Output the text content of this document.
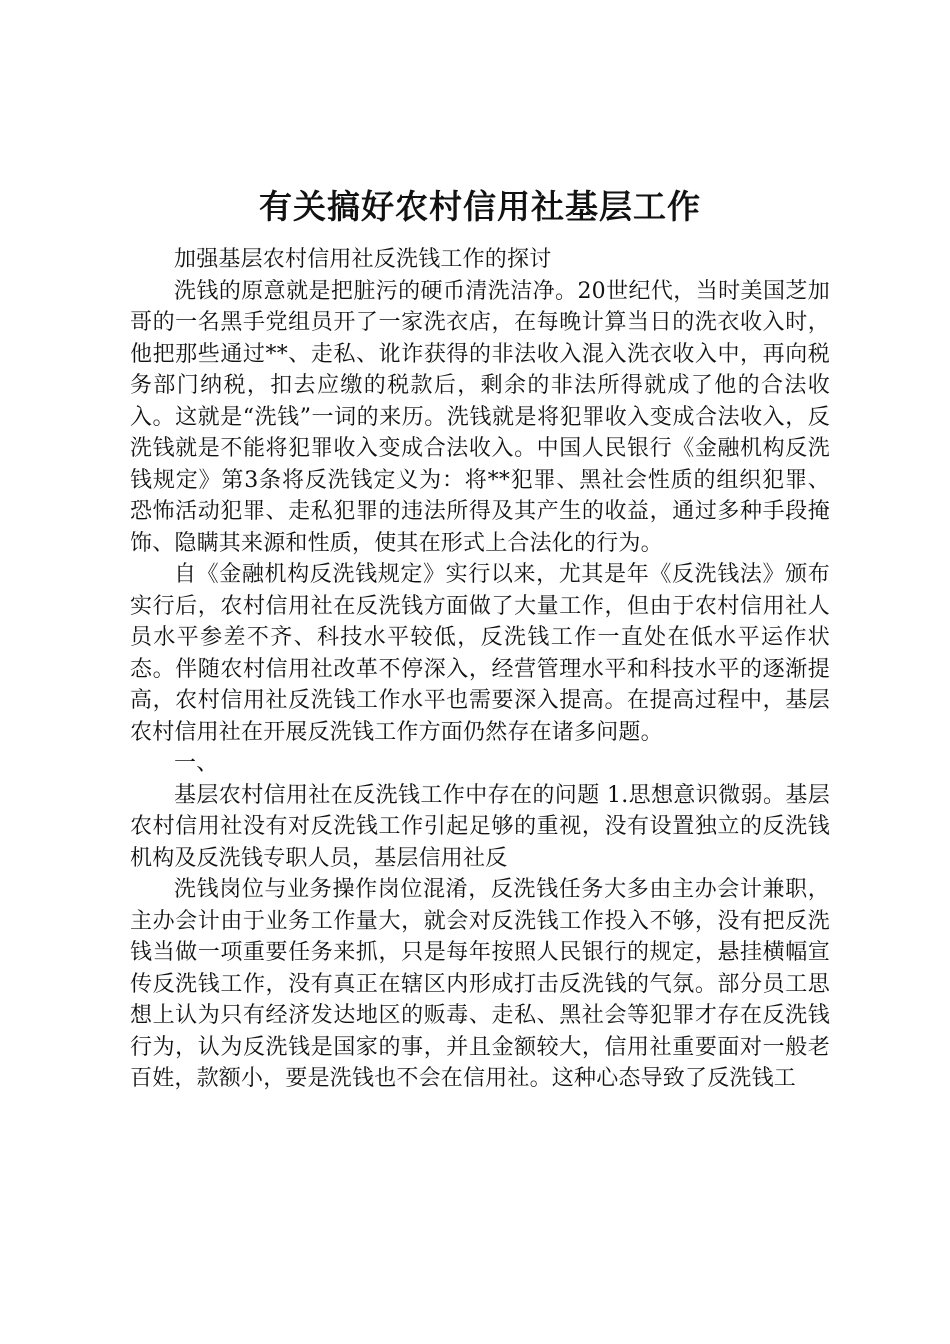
有关搞好农村信用社基层工作

加强基层农村信用社反洗钱工作的探讨

洗钱的原意就是把脏污的硬币清洗洁净。20世纪代，当时美国芝加哥的一名黑手党组员开了一家洗衣店，在每晚计算当日的洗衣收入时，他把那些通过**、走私、讹诈获得的非法收入混入洗衣收入中，再向税务部门纳税，扣去应缴的税款后，剩余的非法所得就成了他的合法收入。这就是“洗钱”一词的来历。洗钱就是将犯罪收入变成合法收入，反洗钱就是不能将犯罪收入变成合法收入。中国人民银行《金融机构反洗钱规定》第3条将反洗钱定义为：将**犯罪、黑社会性质的组织犯罪、恐怖活动犯罪、走私犯罪的违法所得及其产生的收益，通过多种手段掩饰、隐瞒其来源和性质，使其在形式上合法化的行为。

自《金融机构反洗钱规定》实行以来，尤其是年《反洗钱法》颁布实行后，农村信用社在反洗钱方面做了大量工作，但由于农村信用社人员水平参差不齐、科技水平较低，反洗钱工作一直处在低水平运作状态。伴随农村信用社改革不停深入，经营管理水平和科技水平的逐渐提高，农村信用社反洗钱工作水平也需要深入提高。在提高过程中，基层农村信用社在开展反洗钱工作方面仍然存在诸多问题。

一、

基层农村信用社在反洗钱工作中存在的问题 1.思想意识微弱。基层农村信用社没有对反洗钱工作引起足够的重视，没有设置独立的反洗钱机构及反洗钱专职人员，基层信用社反

洗钱岗位与业务操作岗位混淆，反洗钱任务大多由主办会计兼职，主办会计由于业务工作量大，就会对反洗钱工作投入不够，没有把反洗钱当做一项重要任务来抓，只是每年按照人民银行的规定，悬挂横幅宣传反洗钱工作，没有真正在辖区内形成打击反洗钱的气氛。部分员工思想上认为只有经济发达地区的贩毒、走私、黑社会等犯罪才存在反洗钱行为，认为反洗钱是国家的事，并且金额较大，信用社重要面对一般老百姓，款额小，要是洗钱也不会在信用社。这种心态导致了反洗钱工
